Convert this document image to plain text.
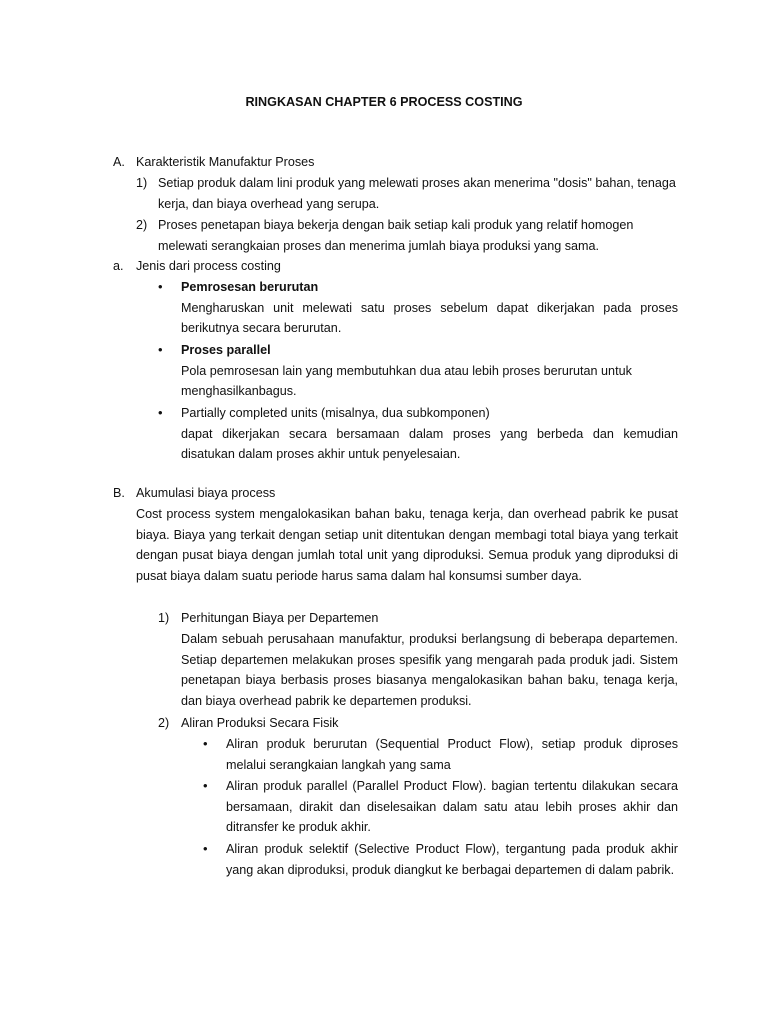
RINGKASAN CHAPTER 6 PROCESS COSTING
A. Karakteristik Manufaktur Proses
1) Setiap produk dalam lini produk yang melewati proses akan menerima "dosis" bahan, tenaga kerja, dan biaya overhead yang serupa.
2) Proses penetapan biaya bekerja dengan baik setiap kali produk yang relatif homogen melewati serangkaian proses dan menerima jumlah biaya produksi yang sama.
a. Jenis dari process costing
• Pemrosesan berurutan
Mengharuskan unit melewati satu proses sebelum dapat dikerjakan pada proses berikutnya secara berurutan.
• Proses parallel
Pola pemrosesan lain yang membutuhkan dua atau lebih proses berurutan untuk menghasilkanbagus.
• Partially completed units (misalnya, dua subkomponen)
dapat dikerjakan secara bersamaan dalam proses yang berbeda dan kemudian disatukan dalam proses akhir untuk penyelesaian.
B. Akumulasi biaya process
Cost process system mengalokasikan bahan baku, tenaga kerja, dan overhead pabrik ke pusat biaya. Biaya yang terkait dengan setiap unit ditentukan dengan membagi total biaya yang terkait dengan pusat biaya dengan jumlah total unit yang diproduksi. Semua produk yang diproduksi di pusat biaya dalam suatu periode harus sama dalam hal konsumsi sumber daya.
1) Perhitungan Biaya per Departemen
Dalam sebuah perusahaan manufaktur, produksi berlangsung di beberapa departemen. Setiap departemen melakukan proses spesifik yang mengarah pada produk jadi. Sistem penetapan biaya berbasis proses biasanya mengalokasikan bahan baku, tenaga kerja, dan biaya overhead pabrik ke departemen produksi.
2) Aliran Produksi Secara Fisik
• Aliran produk berurutan (Sequential Product Flow), setiap produk diproses melalui serangkaian langkah yang sama
• Aliran produk parallel (Parallel Product Flow). bagian tertentu dilakukan secara bersamaan, dirakit dan diselesaikan dalam satu atau lebih proses akhir dan ditransfer ke produk akhir.
• Aliran produk selektif (Selective Product Flow), tergantung pada produk akhir yang akan diproduksi, produk diangkut ke berbagai departemen di dalam pabrik.
